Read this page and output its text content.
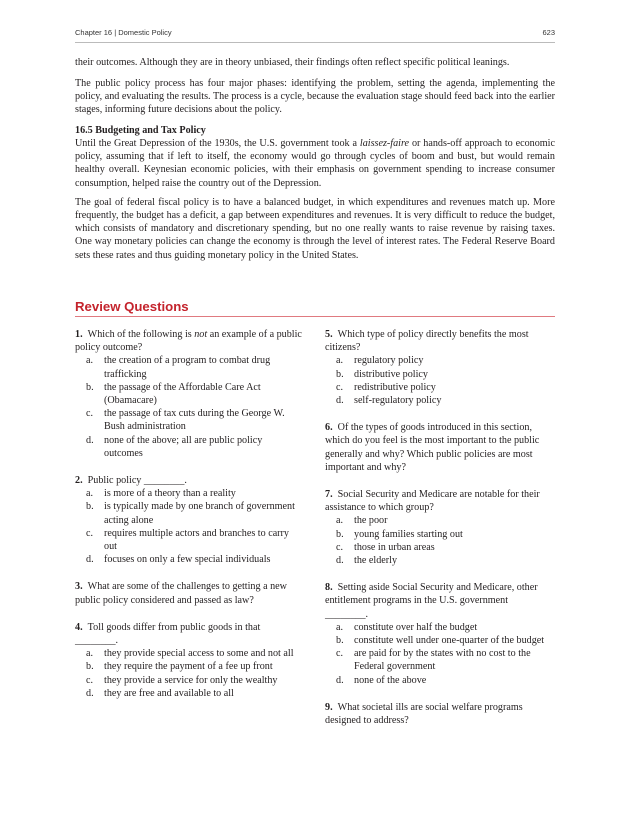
Chapter 16 | Domestic Policy	623

their outcomes. Although they are in theory unbiased, their findings often reflect specific political leanings.

The public policy process has four major phases: identifying the problem, setting the agenda, implementing the policy, and evaluating the results. The process is a cycle, because the evaluation stage should feed back into the earlier stages, informing future decisions about the policy.

16.5 Budgeting and Tax Policy

Until the Great Depression of the 1930s, the U.S. government took a laissez-faire or hands-off approach to economic policy, assuming that if left to itself, the economy would go through cycles of boom and bust, but would remain healthy overall. Keynesian economic policies, with their emphasis on government spending to increase consumer consumption, helped raise the country out of the Depression.

The goal of federal fiscal policy is to have a balanced budget, in which expenditures and revenues match up. More frequently, the budget has a deficit, a gap between expenditures and revenues. It is very difficult to reduce the budget, which consists of mandatory and discretionary spending, but no one really wants to raise revenue by raising taxes. One way monetary policies can change the economy is through the level of interest rates. The Federal Reserve Board sets these rates and thus guiding monetary policy in the United States.

Review Questions
1. Which of the following is not an example of a public policy outcome?
a. the creation of a program to combat drug trafficking
b. the passage of the Affordable Care Act (Obamacare)
c. the passage of tax cuts during the George W. Bush administration
d. none of the above; all are public policy outcomes
2. Public policy ________.
a. is more of a theory than a reality
b. is typically made by one branch of government acting alone
c. requires multiple actors and branches to carry out
d. focuses on only a few special individuals
3. What are some of the challenges to getting a new public policy considered and passed as law?
4. Toll goods differ from public goods in that ________.
a. they provide special access to some and not all
b. they require the payment of a fee up front
c. they provide a service for only the wealthy
d. they are free and available to all
5. Which type of policy directly benefits the most citizens?
a. regulatory policy
b. distributive policy
c. redistributive policy
d. self-regulatory policy
6. Of the types of goods introduced in this section, which do you feel is the most important to the public generally and why? Which public policies are most important and why?
7. Social Security and Medicare are notable for their assistance to which group?
a. the poor
b. young families starting out
c. those in urban areas
d. the elderly
8. Setting aside Social Security and Medicare, other entitlement programs in the U.S. government ________.
a. constitute over half the budget
b. constitute well under one-quarter of the budget
c. are paid for by the states with no cost to the Federal government
d. none of the above
9. What societal ills are social welfare programs designed to address?
